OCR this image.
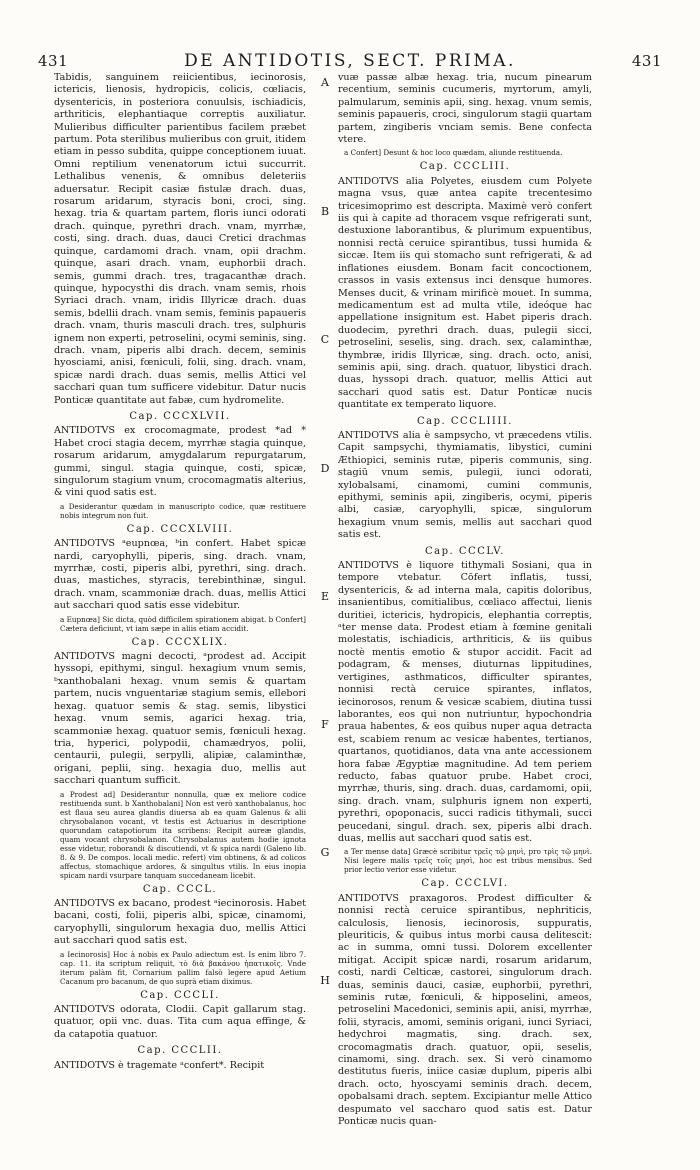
431	DE ANTIDOTIS, SECT. PRIMA.	431

Tabidis, sanguinem reiicientibus, iecinorosis, ictericis, lienosis, hydropicis, colicis, cœliacis, dysentericis, in posteriora conuulsis, ischiadicis, arthriticis, elephantiaque correptis auxiliatur. Mulieribus difficulter parientibus facilem præbet partum. Pota sterilibus mulieribus con gruit, itidem etiam in pesso subdita, quippe conceptionem iuuat. Omni reptilium venenatorum ictui succurrit. Lethalibus venenis, & omnibus deleteriis aduersatur. Recipit casiæ fistulæ drach. duas, rosarum aridarum, styracis boni, croci, sing. hexag. tria & quartam partem, floris iunci odorati drach. quinque, pyrethri drach. vnam, myrrhæ, costi, sing. drach. duas, dauci Cretici drachmas quinque, cardamomi drach. vnam, opii drachm. quinque, asari drach. vnam, euphorbii drach. semis, gummi drach. tres, tragacanthæ drach. quinque, hypocysthi dis drach. vnam semis, rhois Syriaci drach. vnam, iridis Illyricæ drach. duas semis, bdellii drach. vnam semis, feminis papaueris drach. vnam, thuris masculi drach. tres, sulphuris ignem non experti, petroselini, ocymi seminis, sing. drach. vnam, piperis albi drach. decem, seminis hyosciami, anisi, fœniculi, folii, sing. drach. vnam, spicæ nardi drach. duas semis, mellis Attici vel sacchari quan tum sufficere videbitur. Datur nucis Ponticæ quantitate aut fabæ, cum hydromelite.

Cap. CCCXLVII.

ANTIDOTVS ex crocomagmate, prodest *ad * Habet croci stagia decem, myrrhæ stagia quinque, rosarum aridarum, amygdalarum repurgatarum, gummi, singul. stagia quinque, costi, spicæ, singulorum stagium vnum, crocomagmatis alterius, & vini quod satis est.

a Desiderantur quædam in manuscripto codice, quæ restituere nobis integrum non fuit.

Cap. CCCXLVIII.

ANTIDOTVS ᵃeupnœa, ᵇin confert. Habet spicæ nardi, caryophylli, piperis, sing. drach. vnam, myrrhæ, costi, piperis albi, pyrethri, sing. drach. duas, mastiches, styracis, terebinthinæ, singul. drach. vnam, scammoniæ drach. duas, mellis Attici aut sacchari quod satis esse videbitur.

a Eupnœa] Sic dicta, quòd difficilem spirationem abigat. b Confert] Cætera deficiunt, vt iam sæpe in aliis etiam accidit.

Cap. CCCXLIX.

ANTIDOTVS magni decocti, ᵃprodest ad. Accipit hyssopi, epithymi, singul. hexagium vnum semis, ᵇxanthobalani hexag. vnum semis & quartam partem, nucis vnguentariæ stagium semis, ellebori hexag. quatuor semis & stag. semis, libystici hexag. vnum semis, agarici hexag. tria, scammoniæ hexag. quatuor semis, fœniculi hexag. tria, hyperici, polypodii, chamædryos, polii, centaurii, pulegii, serpylli, alipiæ, calaminthæ, origani, peplii, sing. hexagia duo, mellis aut sacchari quantum sufficit.

a Prodest ad] Desiderantur nonnulla, quæ ex meliore codice restituenda sunt. b Xanthobalani] Non est verò xanthobalanus, hoc est flaua seu aurea glandis diuersa ab ea quam Galenus & alii chrysobalanon vocant, vt testis est Actuarius in descriptione quorundam catapotiorum ita scribens: Recipit aureæ glandis, quam vocant chrysobalanon. Chrysobalanus autem hodie ignota esse videtur, roborandi & discutiendi, vt & spica nardi (Galeno lib. 8. & 9. De compos. locali medic. refert) vim obtinens, & ad colicos affectus, stomachique ardores, & singultus vtilis. In eius inopia spicam nardi vsurpare tanquam succedaneam licebit.

Cap. CCCL.

ANTIDOTVS ex bacano, prodest ᵃiecinorosis. Habet bacani, costi, folii, piperis albi, spicæ, cinamomi, caryophylli, singulorum hexagia duo, mellis Attici aut sacchari quod satis est.

a Iecinorosis] Hoc à nobis ex Paulo adiectum est. Is enim libro 7. cap. 11. ita scriptum reliquit, τὸ διὰ βακάνου ἡπατικοῖς. Vnde iterum palàm fit, Cornarium pallim falsò legere apud Aetium Cacanum pro bacanum, de quo suprà etiam diximus.

Cap. CCCLI.

ANTIDOTVS odorata, Clodii. Capit gallarum stag. quatuor, opii vnc. duas. Tita cum aqua effinge, & da catapotia quatuor.

Cap. CCCLII.

ANTIDOTVS è tragemate ᵃconfert*. Recipit

vuæ passæ albæ hexag. tria, nucum pinearum recentium, seminis cucumeris, myrtorum, amyli, palmularum, seminis apii, sing. hexag. vnum semis, seminis papaueris, croci, singulorum stagii quartam partem, zingiberis vnciam semis. Bene confecta vtere.

a Confert] Desunt & hoc loco quædam, aliunde restituenda.

Cap. CCCLIII.

ANTIDOTVS alia Polyetes, eiusdem cum Polyete magna vsus, quæ antea capite trecentesimo tricesimoprimo est descripta. Maximè verò confert iis qui à capite ad thoracem vsque refrigerati sunt, destuxione laborantibus, & plurimum expuentibus, nonnisi rectà ceruice spirantibus, tussi humida & siccæ. Item iis qui stomacho sunt refrigerati, & ad inflationes eiusdem. Bonam facit concoctionem, crassos in vasis extensus inci densque humores. Menses ducit, & vrinam mirificè mouet. In summa, medicamentum est ad multa vtile, ideóque hac appellatione insignitum est. Habet piperis drach. duodecim, pyrethri drach. duas, pulegii sicci, petroselini, seselis, sing. drach. sex, calaminthæ, thymbræ, iridis Illyricæ, sing. drach. octo, anisi, seminis apii, sing. drach. quatuor, libystici drach. duas, hyssopi drach. quatuor, mellis Attici aut sacchari quod satis est. Datur Ponticæ nucis quantitate ex temperato liquore.

Cap. CCCLIIII.

ANTIDOTVS alia è sampsycho, vt præcedens vtilis. Capit sampsychi, thymiamatis, libystici, cumini Æthiopici, seminis rutæ, piperis communis, sing. stagiū vnum semis, pulegii, iunci odorati, xylobalsami, cinamomi, cumini communis, epithymi, seminis apii, zingiberis, ocymi, piperis albi, casiæ, caryophylli, spicæ, singulorum hexagium vnum semis, mellis aut sacchari quod satis est.

Cap. CCCLV.

ANTIDOTVS è liquore tithymali Sosiani, qua in tempore vtebatur. Cōfert inflatis, tussi, dysentericis, & ad interna mala, capitis doloribus, insanientibus, comitialibus, cœliaco affectui, lienis duritiei, ictericis, hydropicis, elephantia correptis, ᵃter mense data. Prodest etiam à fœmine genitali molestatis, ischiadicis, arthriticis, & iis quibus noctè mentis emotio & stupor accidit. Facit ad podagram, & menses, diuturnas lippitudines, vertigines, asthmaticos, difficulter spirantes, nonnisi rectà ceruice spirantes, inflatos, iecinorosos, renum & vesicæ scabiem, diutina tussi laborantes, eos qui non nutriuntur, hypochondria praua habentes, & eos quibus nuper aqua detracta est, scabiem renum ac vesicæ habentes, tertianos, quartanos, quotidianos, data vna ante accessionem hora fabæ Ægyptiæ magnitudine. Ad tem periem reducto, fabas quatuor prube. Habet croci, myrrhæ, thuris, sing. drach. duas, cardamomi, opii, sing. drach. vnam, sulphuris ignem non experti, pyrethri, opoponacis, succi radicis tithymali, succi peucedani, singul. drach. sex, piperis albi drach. duas, mellis aut sacchari quod satis est.

a Ter mense data] Græcè scribitur τρεῖς τῷ μηνὶ, pro τρὶς τῷ μηνὶ. Nisi legere malis τρεῖς τοῖς μησὶ, hoc est tribus mensibus. Sed prior lectio verior esse videtur.

Cap. CCCLVI.

ANTIDOTVS praxagoros. Prodest difficulter & nonnisi rectà ceruice spirantibus, nephriticis, calculosis, lienosis, iecinorosis, suppuratis, pleuriticis, & quibus intus morbi causa delitescit: ac in summa, omni tussi. Dolorem excellenter mitigat. Accipit spicæ nardi, rosarum aridarum, costi, nardi Celticæ, castorei, singulorum drach. duas, seminis dauci, casiæ, euphorbii, pyrethri, seminis rutæ, fœniculi, & hipposelini, ameos, petroselini Macedonici, seminis apii, anisi, myrrhæ, folii, styracis, amomi, seminis origani, iunci Syriaci, hedychroi magmatis, sing. drach. sex, crocomagmatis drach. quatuor, opii, seselis, cinamomi, sing. drach. sex. Si verò cinamomo destitutus fueris, iniice casiæ duplum, piperis albi drach. octo, hyoscyami seminis drach. decem, opobalsami drach. septem. Excipiantur melle Attico despumato vel saccharo quod satis est. Datur Ponticæ nucis quan-

A
B
C
D
E
F
G
H
